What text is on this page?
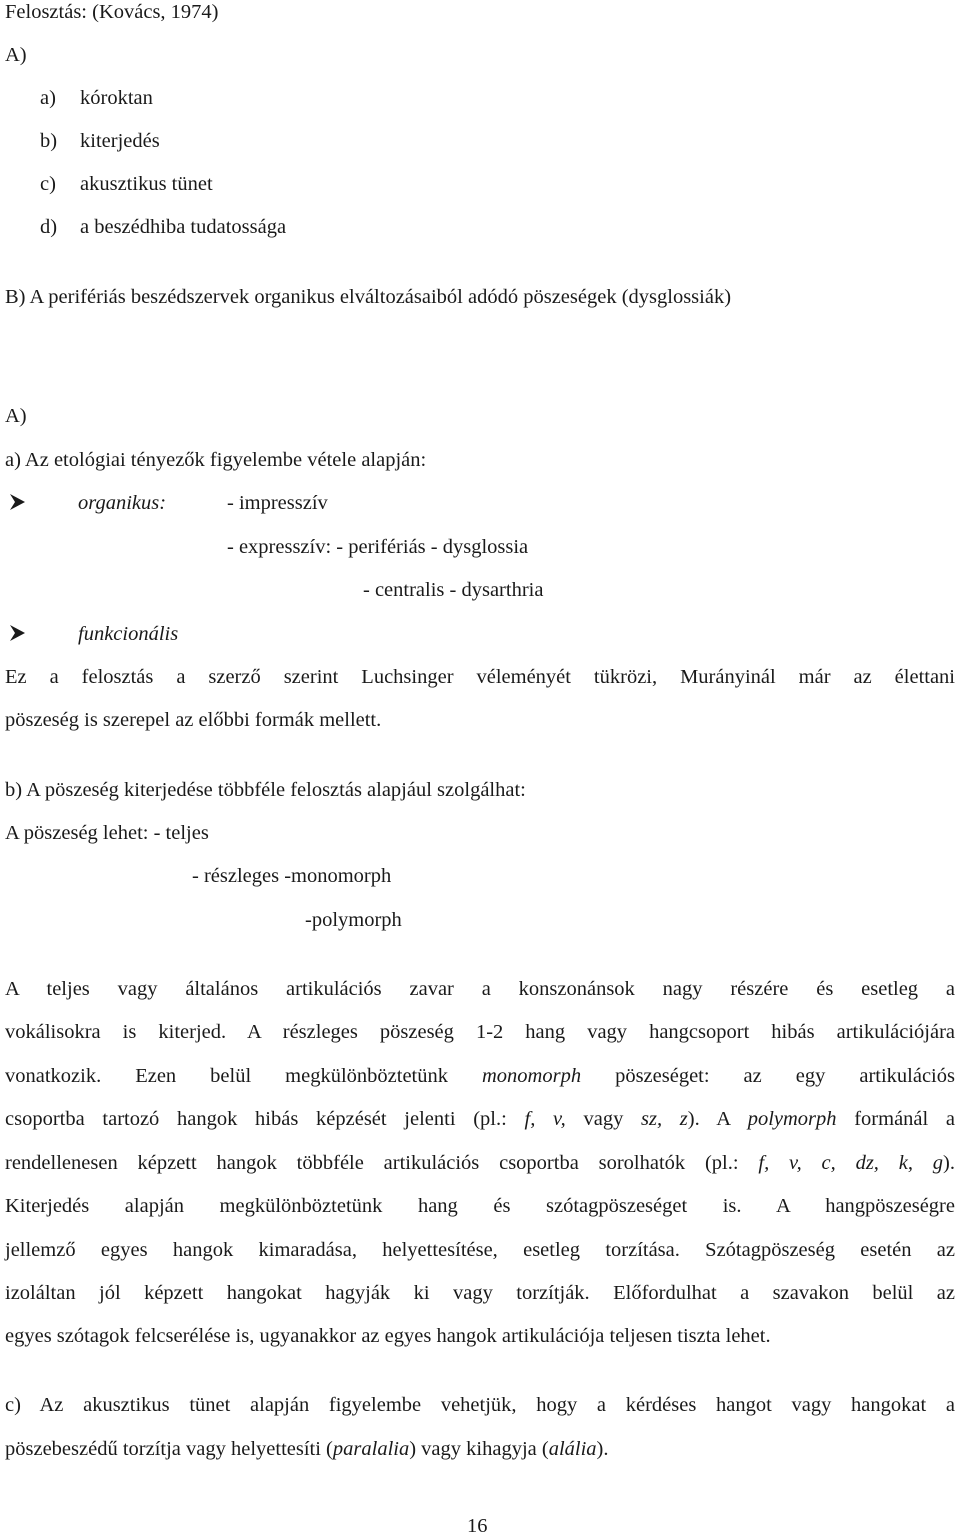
Felosztás: (Kovács, 1974)
A)
a) kóroktan
b) kiterjedés
c) akusztikus tünet
d) a beszédhiba tudatossága
B) A perifériás beszédszervek organikus elváltozásaiból adódó pöszeségek (dysglossiák)
A)
a) Az etológiai tényezők figyelembe vétele alapján:
organikus:	- impresszív
- expresszív: - perifériás - dysglossia
- centralis - dysarthria
funkcionális
Ez a felosztás a szerző szerint Luchsinger véleményét tükrözi, Murányinál már az élettani
pöszeség is szerepel az előbbi formák mellett.
b) A pöszeség kiterjedése többféle felosztás alapjául szolgálhat:
A pöszeség lehet: - teljes
- részleges -monomorph
-polymorph
A teljes vagy általános artikulációs zavar a konszonánsok nagy részére és esetleg a
vokálisokra is kiterjed. A részleges pöszeség 1-2 hang vagy hangcsoport hibás artikulációjára
vonatkozik. Ezen belül megkülönböztetünk monomorph pöszeséget: az egy artikulációs
csoportba tartozó hangok hibás képzését jelenti (pl.: f, v, vagy sz, z). A polymorph formánál a
rendellenesen képzett hangok többféle artikulációs csoportba sorolhatók (pl.: f, v, c, dz, k, g).
Kiterjedés alapján megkülönböztetünk hang és szótagpöszeséget is. A hangpöszeségre
jellemző egyes hangok kimaradása, helyettesítése, esetleg torzítása. Szótagpöszeség esetén az
izoláltan jól képzett hangokat hagyják ki vagy torzítják. Előfordulhat a szavakon belül az
egyes szótagok felcserélése is, ugyanakkor az egyes hangok artikulációja teljesen tiszta lehet.
c) Az akusztikus tünet alapján figyelembe vehetjük, hogy a kérdéses hangot vagy hangokat a
pöszebeszédű torzítja vagy helyettesíti (paralalia) vagy kihagyja (alália).
16
